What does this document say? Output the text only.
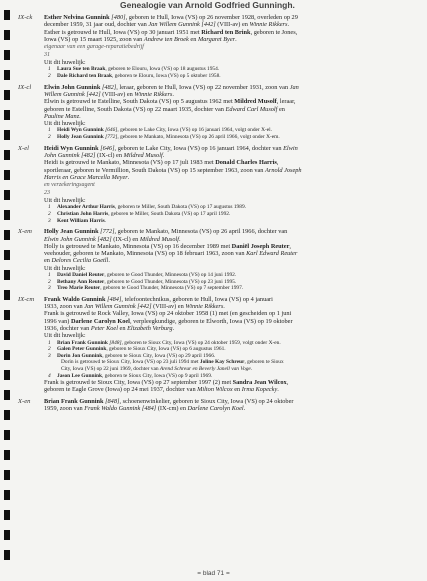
Genealogie van Arnold Godfried Gunningh.
IX-ck	Esther Nelvina Gunnink [480], geboren te Hull, Iowa (VS) op 26 november 1928, overleden op 29
december 1959, 31 jaar oud, dochter van Jan Willem Gunnink [442] (VIII-av) en Winnie Rikkers.
Esther is getrouwd te Hull, Iowa (VS) op 30 januari 1951 met Richard ten Brink, geboren te Jones,
Iowa (VS) op 15 maart 1925, zoon van Andrew ten Broek en Margaret Byer.
eigenaar van een garage-reparatiebedrijf
31
Uit dit huwelijk:
1 Laura Sue ten Braak, geboren te Elouru, Iowa (VS) op 18 augustus 1954.
2 Dale Richard ten Braak, geboren te Elouru, Iowa (VS) op 5 oktober 1958.
IX-cl	Elwin John Gunnink [482], leraar, geboren te Hull, Iowa (VS) op 22 november 1931, zoon van Jan
Willem Gunnink [442] (VIII-av) en Winnie Rikkers.
Elwin is getrouwd te Estelline, South Dakota (VS) op 5 augustus 1962 met Mildred Musolf, leraar,
geboren te Estelline, South Dakota (VS) op 22 maart 1935, dochter van Edward Carl Musolf en
Pauline Manz.
Uit dit huwelijk:
1 Heidi Wyn Gunnink [646], geboren te Lake City, Iowa (VS) op 16 januari 1964, volgt onder X-el.
2 Holly Jean Gunnink [772], geboren te Mankato, Minnesota (VS) op 26 april 1966, volgt onder X-em.
X-el	Heidi Wyn Gunnink [646], geboren te Lake City, Iowa (VS) op 16 januari 1964, dochter van Elwin
John Gunnink [482] (IX-cl) en Mildred Musolf.
Heidi is getrouwd te Mankato, Minnesota (VS) op 17 juli 1983 met Donald Charles Harris,
sportleraar, geboren te Vermillion, South Dakota (VS) op 15 september 1963, zoon van Arnold Joseph
Harris en Grace Marcella Meyer.
en verzekeringsagent
23
Uit dit huwelijk:
1 Alexander Arthur Harris, geboren te Miller, South Dakota (VS) op 17 augustus 1989.
2 Christian John Harris, geboren te Miller, South Dakota (VS) op 17 april 1992.
3 Kent William Harris.
X-em	Holly Jean Gunnink [772], geboren te Mankato, Minnesota (VS) op 26 april 1966, dochter van
Elwin John Gunnink [482] (IX-cl) en Mildred Musolf.
Holly is getrouwd te Mankato, Minnesota (VS) op 16 december 1989 met Daniël Joseph Reuter,
veehouder, geboren te Mankato, Minnesota (VS) op 18 februari 1963, zoon van Karl Edward Reuter
en Delores Cecilia Goetll.
Uit dit huwelijk:
1 David Daniel Reuter, geboren te Good Thunder, Minnesota (VS) op 14 juni 1992.
2 Bethany Ann Reuter, geboren te Good Thunder, Minnesota (VS) op 23 juni 1995.
3 Treo Marie Reuter, geboren te Good Thunder, Minnesota (VS) op 7 september 1997.
IX-cm	Frank Waldo Gunnink [484], telefoontechnikus, geboren te Hull, Iowa (VS) op 4 januari
1933, zoon van Jan Willem Gunnink [442] (VIII-av) en Winnie Rikkers.
Frank is getrouwd te Rock Valley, Iowa (VS) op 24 oktober 1958 (1) met (en gescheiden op 1 juni
1996 van) Darlene Carolyn Koel, verpleegkundige, geboren te Elworth, Iowa (VS) op 19 oktober
1936, dochter van Peter Koel en Elizabeth Verburg.
Uit dit huwelijk:
1 Brian Frank Gunnink [848], geboren te Sioux City, Iowa (VS) op 24 oktober 1959, volgt onder X-en.
2 Galen Peter Gunnink, geboren te Sioux City, Iowa (VS) op 6 augustus 1961.
3 Dorin Jon Gunnink, geboren te Sioux City, Iowa (VS) op 29 april 1966.
Dorin is getrouwd te Sioux City, Iowa (VS) op 23 juli 1994 met Joline Kay Schreur, geboren te Sioux
City, Iowa (VS) op 22 juni 1969, dochter van Arend Schreur en Beverly Janell van Voge.
4 Jason Lee Gunnink, geboren te Sioux City, Iowa (VS) op 9 april 1969.
Frank is getrouwd te Sioux City, Iowa (VS) op 27 september 1997 (2) met Sandra Jean Wilcox,
geboren te Eagle Grove (Iowa) op 24 mei 1937, dochter van Milton Wilcox en Irma Kopecky.
X-en	Brian Frank Gunnink [848], schoenenwinkelier, geboren te Sioux City, Iowa (VS) op 24 oktober
1959, zoon van Frank Waldo Gunnink [484] (IX-cm) en Darlene Carolyn Koel.
= blad 71 =
